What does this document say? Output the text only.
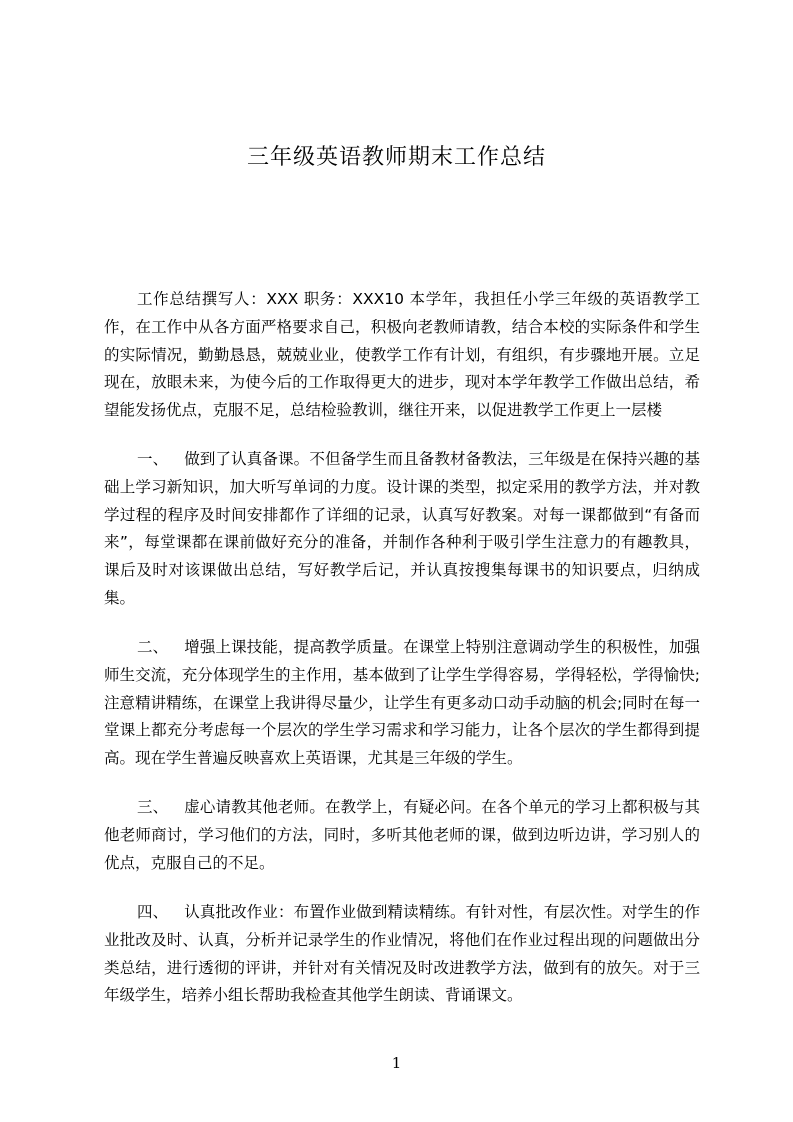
三年级英语教师期末工作总结

工作总结撰写人：XXX 职务：XXX10 本学年，我担任小学三年级的英语教学工作，在工作中从各方面严格要求自己，积极向老教师请教，结合本校的实际条件和学生的实际情况，勤勤恳恳，兢兢业业，使教学工作有计划，有组织，有步骤地开展。立足现在，放眼未来，为使今后的工作取得更大的进步，现对本学年教学工作做出总结，希望能发扬优点，克服不足，总结检验教训，继往开来，以促进教学工作更上一层楼

一、 做到了认真备课。不但备学生而且备教材备教法，三年级是在保持兴趣的基础上学习新知识，加大听写单词的力度。设计课的类型，拟定采用的教学方法，并对教学过程的程序及时间安排都作了详细的记录，认真写好教案。对每一课都做到“有备而来”，每堂课都在课前做好充分的准备，并制作各种利于吸引学生注意力的有趣教具，课后及时对该课做出总结，写好教学后记，并认真按搜集每课书的知识要点，归纳成集。

二、 增强上课技能，提高教学质量。在课堂上特别注意调动学生的积极性，加强师生交流，充分体现学生的主作用，基本做到了让学生学得容易，学得轻松，学得愉快;注意精讲精练，在课堂上我讲得尽量少，让学生有更多动口动手动脑的机会;同时在每一堂课上都充分考虑每一个层次的学生学习需求和学习能力，让各个层次的学生都得到提高。现在学生普遍反映喜欢上英语课，尤其是三年级的学生。

三、 虚心请教其他老师。在教学上，有疑必问。在各个单元的学习上都积极与其他老师商讨，学习他们的方法，同时，多听其他老师的课，做到边听边讲，学习别人的优点，克服自己的不足。

四、 认真批改作业：布置作业做到精读精练。有针对性，有层次性。对学生的作业批改及时、认真，分析并记录学生的作业情况，将他们在作业过程出现的问题做出分类总结，进行透彻的评讲，并针对有关情况及时改进教学方法，做到有的放矢。对于三年级学生，培养小组长帮助我检查其他学生朗读、背诵课文。

1
